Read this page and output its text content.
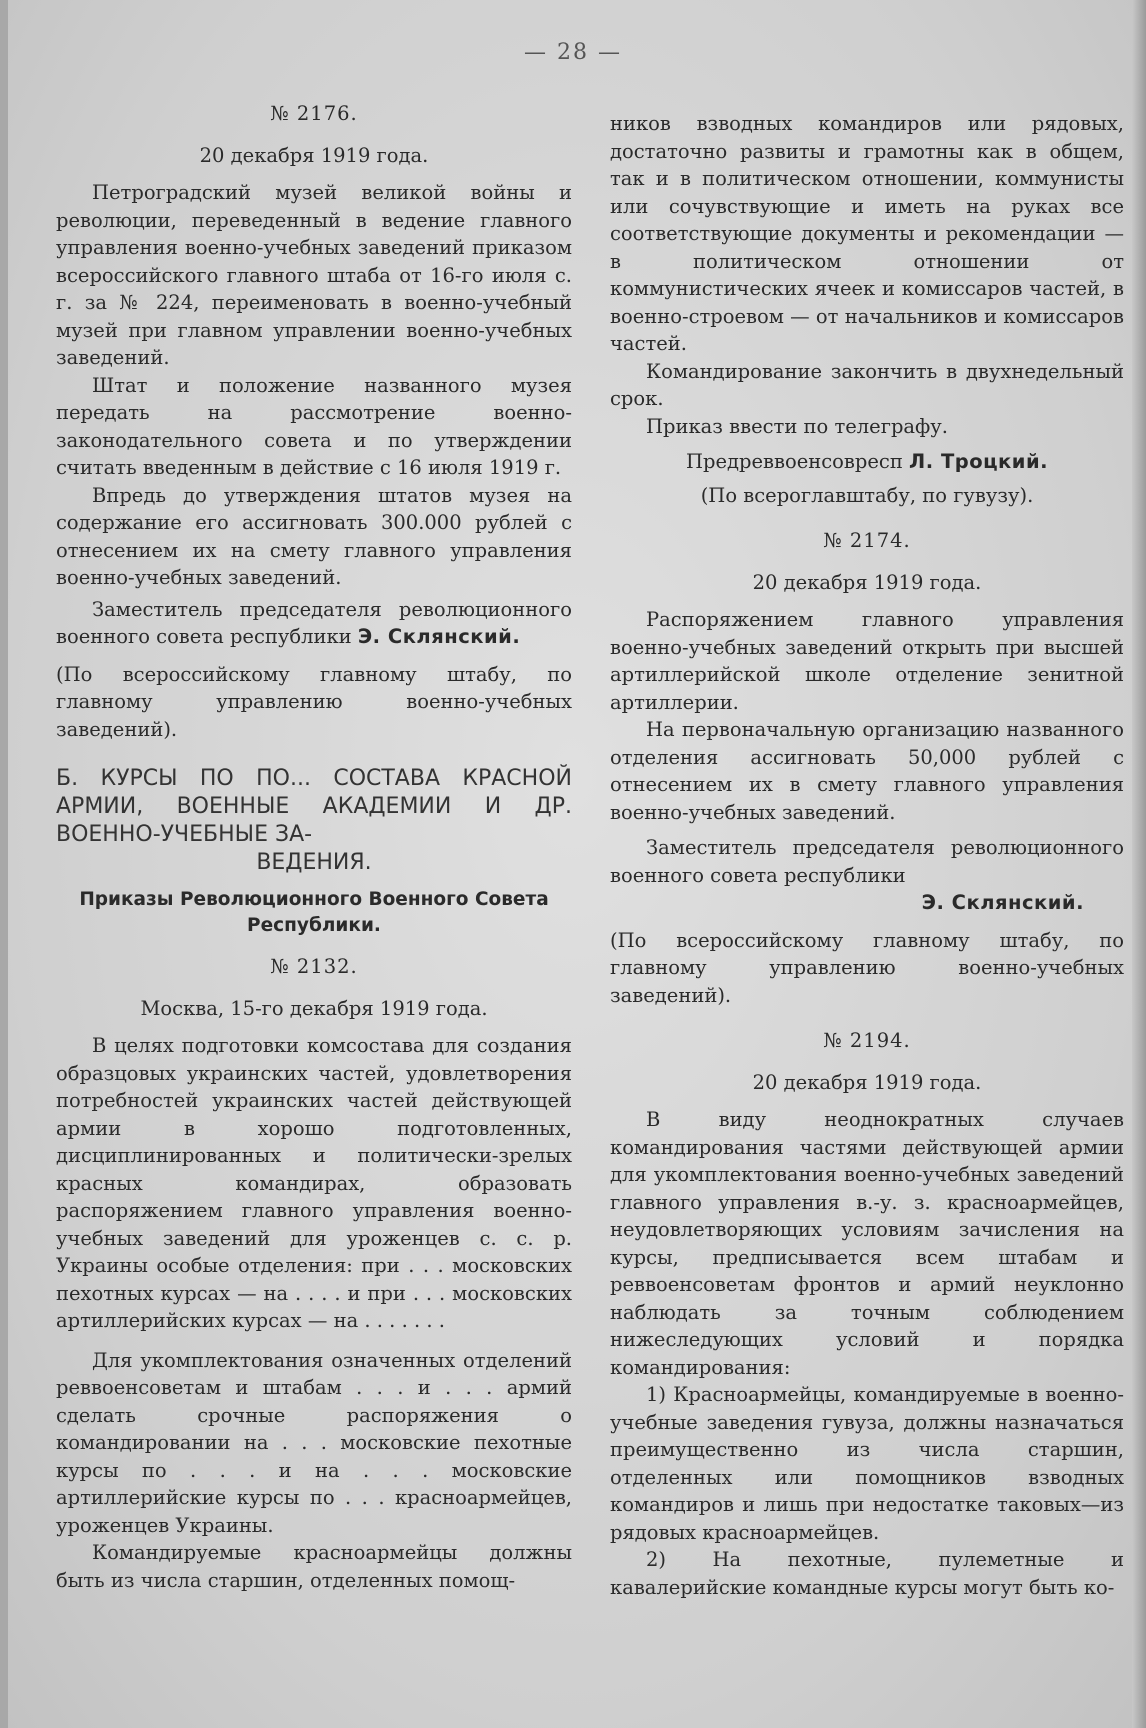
— 28 —

№ 2176.

20 декабря 1919 года.

Петроградский музей великой войны и революции, переведенный в ведение главного управления военно-учебных заведений приказом всероссийского главного штаба от 16-го июля с. г. за № 224, переименовать в военно-учебный музей при главном управлении военно-учебных заведений.

Штат и положение названного музея передать на рассмотрение военно-законодательного совета и по утверждении считать введенным в действие с 16 июля 1919 г.

Впредь до утверждения штатов музея на содержание его ассигновать 300.000 рублей с отнесением их на смету главного управления военно-учебных заведений.

Заместитель председателя революционного военного совета республики Э. Склянский.

(По всероссийскому главному штабу, по главному управлению военно-учебных заведений).

Б. КУРСЫ ПО ПО... СОСТАВА КРАСНОЙ АРМИИ, ВОЕННЫЕ АКАДЕМИИ И ДР. ВОЕННО-УЧЕБНЫЕ ЗА-
ВЕДЕНИЯ.

Приказы Революционного Военного Совета Республики.

№ 2132.

Москва, 15-го декабря 1919 года.

В целях подготовки комсостава для создания образцовых украинских частей, удовлетворения потребностей украинских частей действующей армии в хорошо подготовленных, дисциплинированных и политически-зрелых красных командирах, образовать распоряжением главного управления военно-учебных заведений для уроженцев с. с. р. Украины особые отделения: при . . . московских пехотных курсах — на . . . . и при . . . московских артиллерийских курсах — на . . . . . . .

Для укомплектования означенных отделений реввоенсоветам и штабам . . . и . . . армий сделать срочные распоряжения о командировании на . . . московские пехотные курсы по . . . и на . . . московские артиллерийские курсы по . . . красноармейцев, уроженцев Украины.

Командируемые красноармейцы должны быть из числа старшин, отделенных помощ-

ников взводных командиров или рядовых, достаточно развиты и грамотны как в общем, так и в политическом отношении, коммунисты или сочувствующие и иметь на руках все соответствующие документы и рекомендации — в политическом отношении от коммунистических ячеек и комиссаров частей, в военно-строевом — от начальников и комиссаров частей.

Командирование закончить в двухнедельный срок.

Приказ ввести по телеграфу.

Предреввоенсовресп Л. Троцкий.

(По всероглавштабу, по гувузу).

№ 2174.

20 декабря 1919 года.

Распоряжением главного управления военно-учебных заведений открыть при высшей артиллерийской школе отделение зенитной артиллерии.

На первоначальную организацию названного отделения ассигновать 50,000 рублей с отнесением их в смету главного управления военно-учебных заведений.

Заместитель председателя революционного военного совета республики

Э. Склянский.

(По всероссийскому главному штабу, по главному управлению военно-учебных заведений).

№ 2194.

20 декабря 1919 года.

В виду неоднократных случаев командирования частями действующей армии для укомплектования военно-учебных заведений главного управления в.-у. з. красноармейцев, неудовлетворяющих условиям зачисления на курсы, предписывается всем штабам и реввоенсоветам фронтов и армий неуклонно наблюдать за точным соблюдением нижеследующих условий и порядка командирования:

1) Красноармейцы, командируемые в военно-учебные заведения гувуза, должны назначаться преимущественно из числа старшин, отделенных или помощников взводных командиров и лишь при недостатке таковых—из рядовых красноармейцев.

2) На пехотные, пулеметные и кавалерийские командные курсы могут быть ко-
